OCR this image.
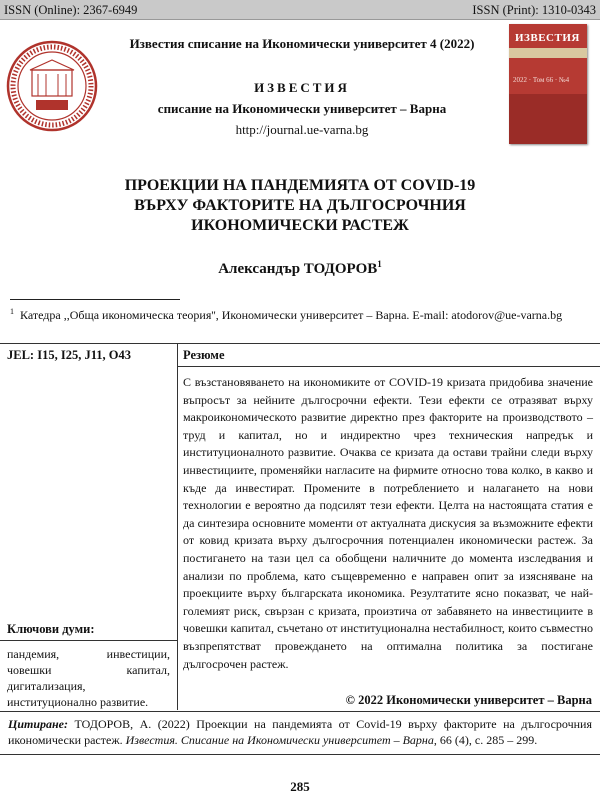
ISSN (Online): 2367-6949	ISSN (Print): 1310-0343
ИЗВЕСТИЯ
2022 · Том 66 · №4
Известия списание на Икономически университет 4 (2022)
ИЗВЕСТИЯ
списание на Икономически университет – Варна
http://journal.ue-varna.bg
ПРОЕКЦИИ НА ПАНДЕМИЯТА ОТ COVID-19
ВЪРХУ ФАКТОРИТЕ НА ДЪЛГОСРОЧНИЯ
ИКОНОМИЧЕСКИ РАСТЕЖ
Александър ТОДОРОВ$^1$
$^1$ Катедра ,,Обща икономическа теория'', Икономически университет – Варна. E-mail: atodorov@ue-varna.bg
JEL: I15, I25, J11, O43	Резюме

С възстановяването на икономиките от COVID-19 кризата придобива значение въпросът за нейните дългосрочни ефекти. Тези ефекти се отразяват върху макроикономическото развитие директно през факторите на производството – труд и капитал, но и индиректно чрез техническия напредък и институционалното развитие. Очаква се кризата да остави трайни следи върху инвестициите, променяйки нагласите на фирмите относно това колко, в какво и къде да инвестират. Промените в потреблението и налагането на нови технологии е вероятно да подсилят тези ефекти. Целта на настоящата статия е да синтезира основните моменти от актуалната дискусия за възможните ефекти от ковид кризата върху дългосрочния потенциален икономически растеж. За постигането на тази цел са обобщени наличните до момента изследвания и анализи по проблема, като същевременно е направен опит за изясняване на проекциите върху българската икономика. Резултатите ясно показват, че най-големият риск, свързан с кризата, произтича от забавянето на инвестициите в човешки капитал, съчетано от институционална нестабилност, които съвместно възпрепятстват провеждането на оптимална политика за постигане дългосрочен растеж.

Ключови думи:
пандемия, инвестиции, човешки капитал, дигитализация, институционално развитие.	© 2022 Икономически университет – Варна
Цитиране: ТОДОРОВ, А. (2022) Проекции на пандемията от Covid-19 върху факторите на дългосрочния икономически растеж. Известия. Списание на Икономически университет – Варна, 66 (4), с. 285 – 299.
285
